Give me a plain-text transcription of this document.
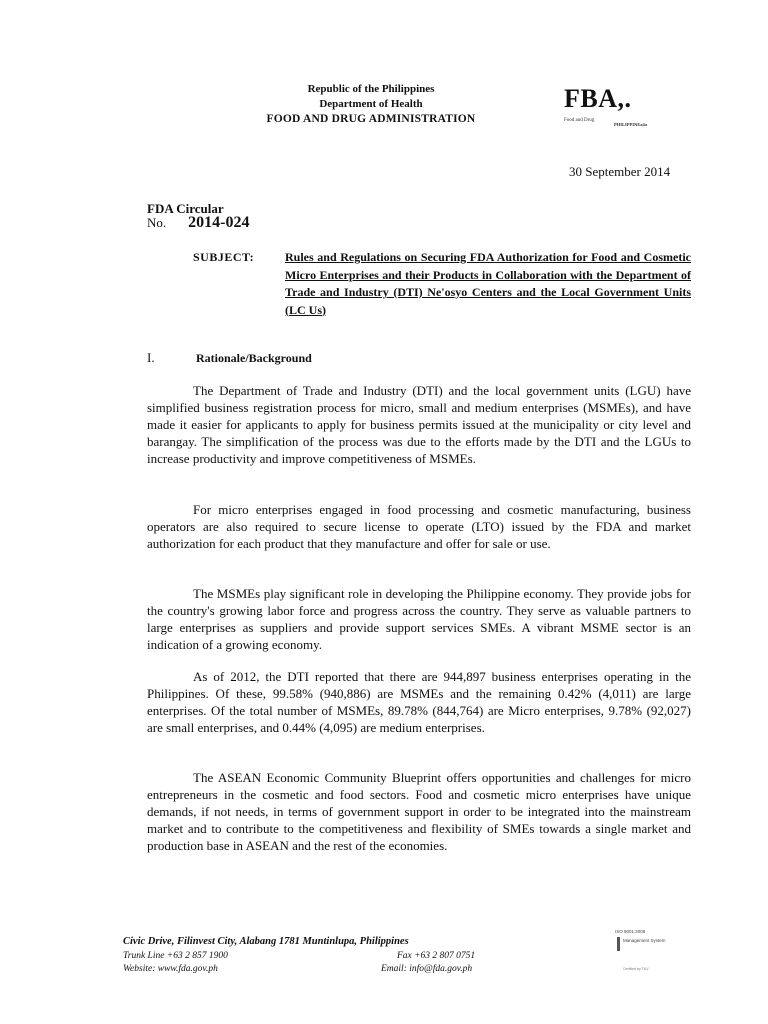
Republic of the Philippines
Department of Health
FOOD AND DRUG ADMINISTRATION
FBA,.
Food and Drug
PHILIPPINEa4a
30 September 2014
FDA Circular
No. 2014-024
SUBJECT:	Rules and Regulations on Securing FDA Authorization for Food and Cosmetic Micro Enterprises and their Products in Collaboration with the Department of Trade and Industry (DTI) Ne'osyo Centers and the Local Government Units (LC Us)
I.	Rationale/Background

The Department of Trade and Industry (DTI) and the local government units (LGU) have simplified business registration process for micro, small and medium enterprises (MSMEs), and have made it easier for applicants to apply for business permits issued at the municipality or city level and barangay. The simplification of the process was due to the efforts made by the DTI and the LGUs to increase productivity and improve competitiveness of MSMEs.

For micro enterprises engaged in food processing and cosmetic manufacturing, business operators are also required to secure license to operate (LTO) issued by the FDA and market authorization for each product that they manufacture and offer for sale or use.

The MSMEs play significant role in developing the Philippine economy. They provide jobs for the country's growing labor force and progress across the country. They serve as valuable partners to large enterprises as suppliers and provide support services SMEs. A vibrant MSME sector is an indication of a growing economy.

As of 2012, the DTI reported that there are 944,897 business enterprises operating in the Philippines. Of these, 99.58% (940,886) are MSMEs and the remaining 0.42% (4,011) are large enterprises. Of the total number of MSMEs, 89.78% (844,764) are Micro enterprises, 9.78% (92,027) are small enterprises, and 0.44% (4,095) are medium enterprises.

The ASEAN Economic Community Blueprint offers opportunities and challenges for micro entrepreneurs in the cosmetic and food sectors. Food and cosmetic micro enterprises have unique demands, if not needs, in terms of government support in order to be integrated into the mainstream market and to contribute to the competitiveness and flexibility of SMEs towards a single market and production base in ASEAN and the rest of the economies.

Civic Drive, Filinvest City, Alabang 1781 Muntinlupa, Philippines
Trunk Line +63 2 857 1900
Website: www.fda.gov.ph
Fax +63 2 807 0751
Email: info@fda.gov.ph
ISO 9001:2008
Management System
Certified by TUV
